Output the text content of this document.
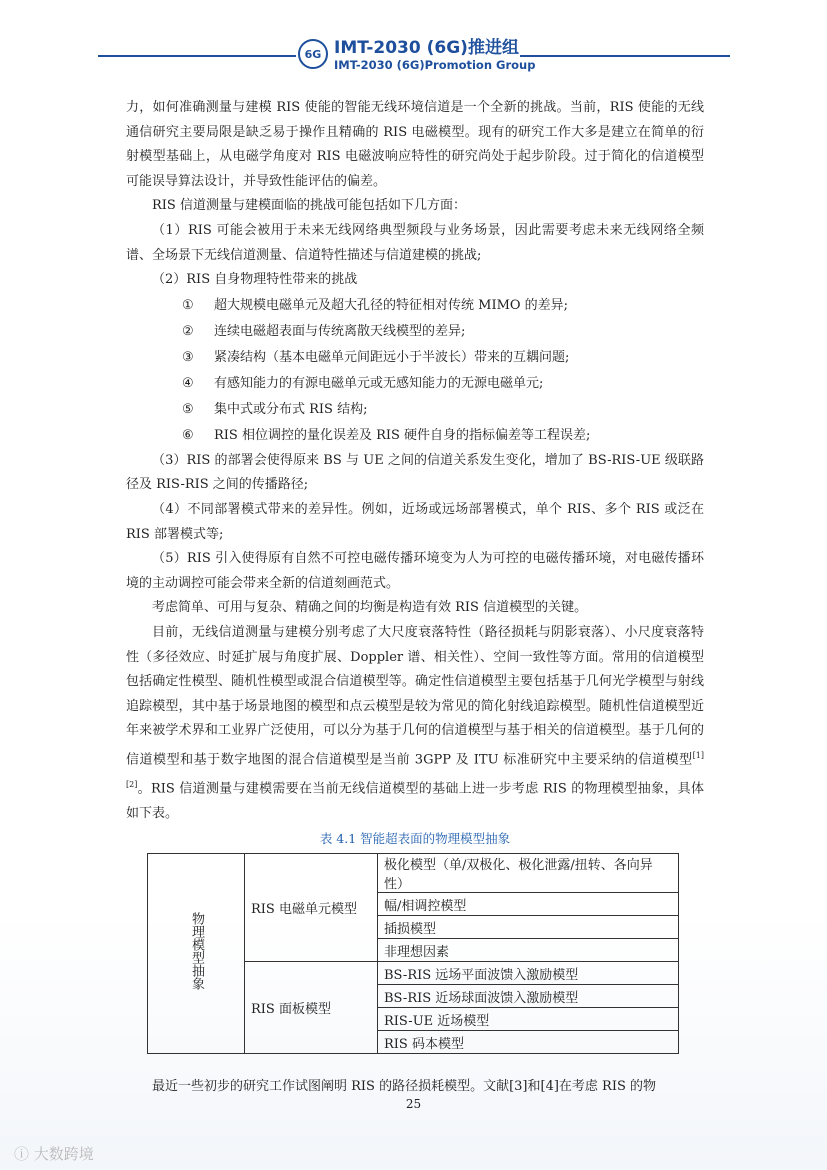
6G IMT-2030 (6G)推进组
IMT-2030 (6G)Promotion Group

力，如何准确测量与建模 RIS 使能的智能无线环境信道是一个全新的挑战。当前，RIS 使能的无线通信研究主要局限是缺乏易于操作且精确的 RIS 电磁模型。现有的研究工作大多是建立在简单的衍射模型基础上，从电磁学角度对 RIS 电磁波响应特性的研究尚处于起步阶段。过于简化的信道模型可能误导算法设计，并导致性能评估的偏差。

RIS 信道测量与建模面临的挑战可能包括如下几方面：

（1）RIS 可能会被用于未来无线网络典型频段与业务场景，因此需要考虑未来无线网络全频谱、全场景下无线信道测量、信道特性描述与信道建模的挑战;

（2）RIS 自身物理特性带来的挑战

① 超大规模电磁单元及超大孔径的特征相对传统 MIMO 的差异;
② 连续电磁超表面与传统离散天线模型的差异;
③ 紧凑结构（基本电磁单元间距远小于半波长）带来的互耦问题;
④ 有感知能力的有源电磁单元或无感知能力的无源电磁单元;
⑤ 集中式或分布式 RIS 结构;
⑥ RIS 相位调控的量化误差及 RIS 硬件自身的指标偏差等工程误差;

（3）RIS 的部署会使得原来 BS 与 UE 之间的信道关系发生变化，增加了 BS-RIS-UE 级联路径及 RIS-RIS 之间的传播路径;

（4）不同部署模式带来的差异性。例如，近场或远场部署模式，单个 RIS、多个 RIS 或泛在 RIS 部署模式等;

（5）RIS 引入使得原有自然不可控电磁传播环境变为人为可控的电磁传播环境，对电磁传播环境的主动调控可能会带来全新的信道刻画范式。

考虑简单、可用与复杂、精确之间的均衡是构造有效 RIS 信道模型的关键。

目前，无线信道测量与建模分别考虑了大尺度衰落特性（路径损耗与阴影衰落）、小尺度衰落特性（多径效应、时延扩展与角度扩展、Doppler 谱、相关性）、空间一致性等方面。常用的信道模型包括确定性模型、随机性模型或混合信道模型等。确定性信道模型主要包括基于几何光学模型与射线追踪模型，其中基于场景地图的模型和点云模型是较为常见的简化射线追踪模型。随机性信道模型近年来被学术界和工业界广泛使用，可以分为基于几何的信道模型与基于相关的信道模型。基于几何的信道模型和基于数字地图的混合信道模型是当前 3GPP 及 ITU 标准研究中主要采纳的信道模型[1][2]。RIS 信道测量与建模需要在当前无线信道模型的基础上进一步考虑 RIS 的物理模型抽象，具体如下表。

表 4.1 智能超表面的物理模型抽象
物理模型抽象	RIS 电磁单元模型	极化模型（单/双极化、极化泄露/扭转、各向异性）
		幅/相调控模型
		插损模型
		非理想因素
	RIS 面板模型	BS-RIS 远场平面波馈入激励模型
		BS-RIS 近场球面波馈入激励模型
		RIS-UE 近场模型
		RIS 码本模型

最近一些初步的研究工作试图阐明 RIS 的路径损耗模型。文献[3]和[4]在考虑 RIS 的物

25
ⓘ 大数跨境
